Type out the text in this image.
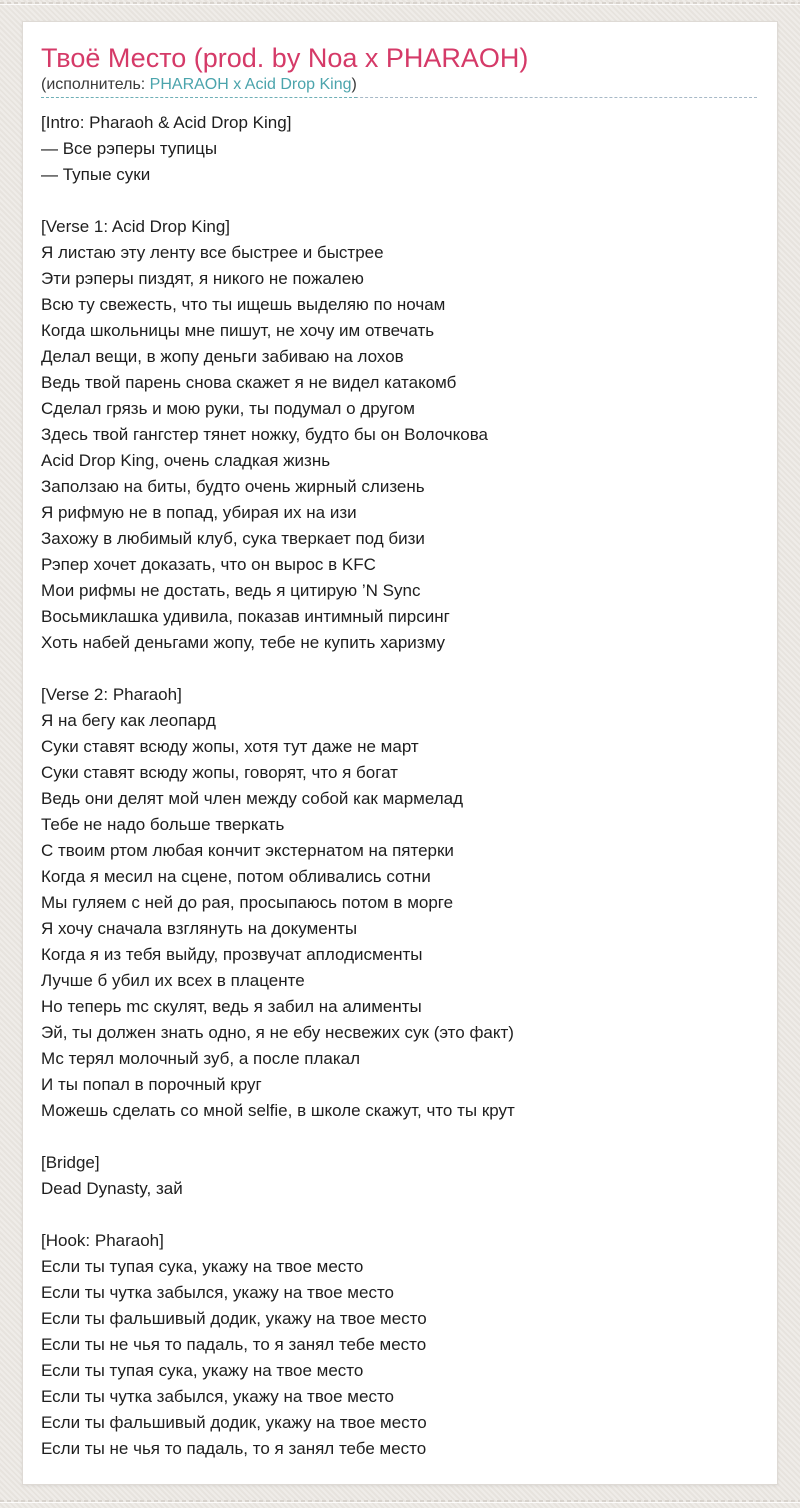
Твоё Место (prod. by Noa x PHARAOH)
(исполнитель: PHARAOH x Acid Drop King)
[Intro: Pharaoh & Acid Drop King]
— Все рэперы тупицы
— Тупые суки
[Verse 1: Acid Drop King]
Я листаю эту ленту все быстрее и быстрее
Эти рэперы пиздят, я никого не пожалею
Всю ту свежесть, что ты ищешь выделяю по ночам
Когда школьницы мне пишут, не хочу им отвечать
Делал вещи, в жопу деньги забиваю на лохов
Ведь твой парень снова скажет я не видел катакомб
Сделал грязь и мою руки, ты подумал о другом
Здесь твой гангстер тянет ножку, будто бы он Волочкова
Acid Drop King, очень сладкая жизнь
Заползаю на биты, будто очень жирный слизень
Я рифмую не в попад, убирая их на изи
Захожу в любимый клуб, сука тверкает под бизи
Рэпер хочет доказать, что он вырос в KFC
Мои рифмы не достать, ведь я цитирую ’N Sync
Восьмиклашка удивила, показав интимный пирсинг
Хоть набей деньгами жопу, тебе не купить харизму
[Verse 2: Pharaoh]
Я на бегу как леопард
Суки ставят всюду жопы, хотя тут даже не март
Суки ставят всюду жопы, говорят, что я богат
Ведь они делят мой член между собой как мармелад
Тебе не надо больше тверкать
С твоим ртом любая кончит экстернатом на пятерки
Когда я месил на сцене, потом обливались сотни
Мы гуляем с ней до рая, просыпаюсь потом в морге
Я хочу сначала взглянуть на документы
Когда я из тебя выйду, прозвучат аплодисменты
Лучше б убил их всех в плаценте
Но теперь mc скулят, ведь я забил на алименты
Эй, ты должен знать одно, я не ебу несвежих сук (это факт)
Мс терял молочный зуб, а после плакал
И ты попал в порочный круг
Можешь сделать со мной selfie, в школе скажут, что ты крут
[Bridge]
Dead Dynasty, зай
[Hook: Pharaoh]
Если ты тупая сука, укажу на твое место
Если ты чутка забылся, укажу на твое место
Если ты фальшивый додик, укажу на твое место
Если ты не чья то падаль, то я занял тебе место
Если ты тупая сука, укажу на твое место
Если ты чутка забылся, укажу на твое место
Если ты фальшивый додик, укажу на твое место
Если ты не чья то падаль, то я занял тебе место
